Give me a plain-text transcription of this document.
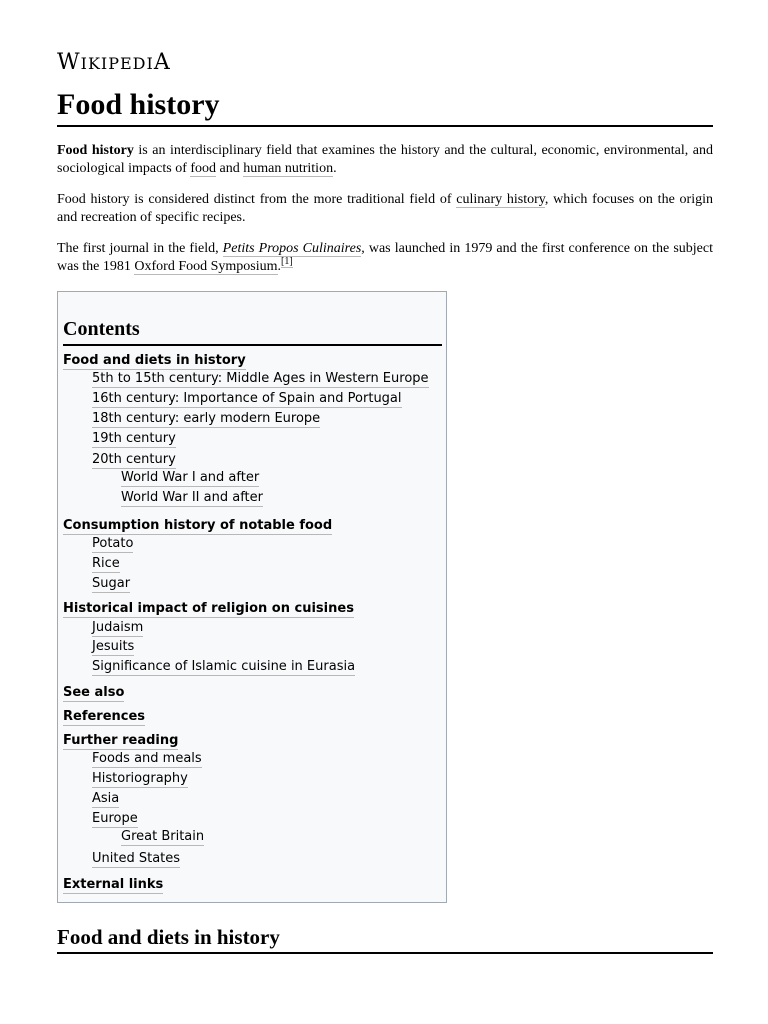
WIKIPEDIA
Food history

Food history is an interdisciplinary field that examines the history and the cultural, economic, environmental, and sociological impacts of food and human nutrition.

Food history is considered distinct from the more traditional field of culinary history, which focuses on the origin and recreation of specific recipes.

The first journal in the field, Petits Propos Culinaires, was launched in 1979 and the first conference on the subject was the 1981 Oxford Food Symposium.[1]

Contents
Food and diets in history
5th to 15th century: Middle Ages in Western Europe
16th century: Importance of Spain and Portugal
18th century: early modern Europe
19th century
20th century
World War I and after
World War II and after
Consumption history of notable food
Potato
Rice
Sugar
Historical impact of religion on cuisines
Judaism
Jesuits
Significance of Islamic cuisine in Eurasia
See also
References
Further reading
Foods and meals
Historiography
Asia
Europe
Great Britain
United States
External links
Food and diets in history
